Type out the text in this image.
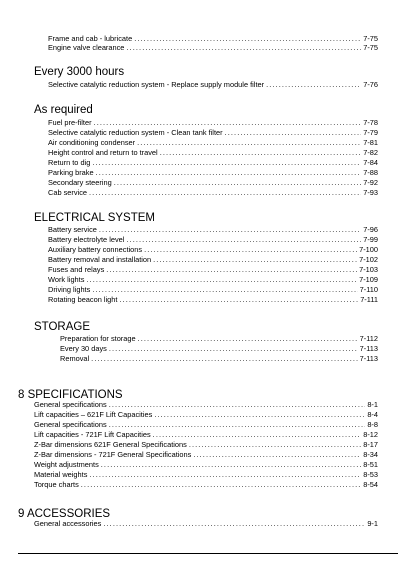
Frame and cab - lubricate .....	7-75
Engine valve clearance .....	7-75
Every 3000 hours
Selective catalytic reduction system - Replace supply module filter .....	7-76
As required
Fuel pre-filter .....	7-78
Selective catalytic reduction system - Clean tank filter .....	7-79
Air conditioning condenser .....	7-81
Height control and return to travel .....	7-82
Return to dig .....	7-84
Parking brake .....	7-88
Secondary steering .....	7-92
Cab service .....	7-93
ELECTRICAL SYSTEM
Battery service .....	7-96
Battery electrolyte level .....	7-99
Auxiliary battery connections .....	7-100
Battery removal and installation .....	7-102
Fuses and relays .....	7-103
Work lights .....	7-109
Driving lights .....	7-110
Rotating beacon light .....	7-111
STORAGE
Preparation for storage .....	7-112
Every 30 days .....	7-113
Removal .....	7-113
8 SPECIFICATIONS
General specifications .....	8-1
Lift capacities – 621F Lift Capacities .....	8-4
General specifications .....	8-8
Lift capacities - 721F Lift Capacities .....	8-12
Z-Bar dimensions 621F General Specifications .....	8-17
Z-Bar dimensions - 721F General Specifications .....	8-34
Weight adjustments .....	8-51
Material weights .....	8-53
Torque charts .....	8-54
9 ACCESSORIES
General accessories .....	9-1
